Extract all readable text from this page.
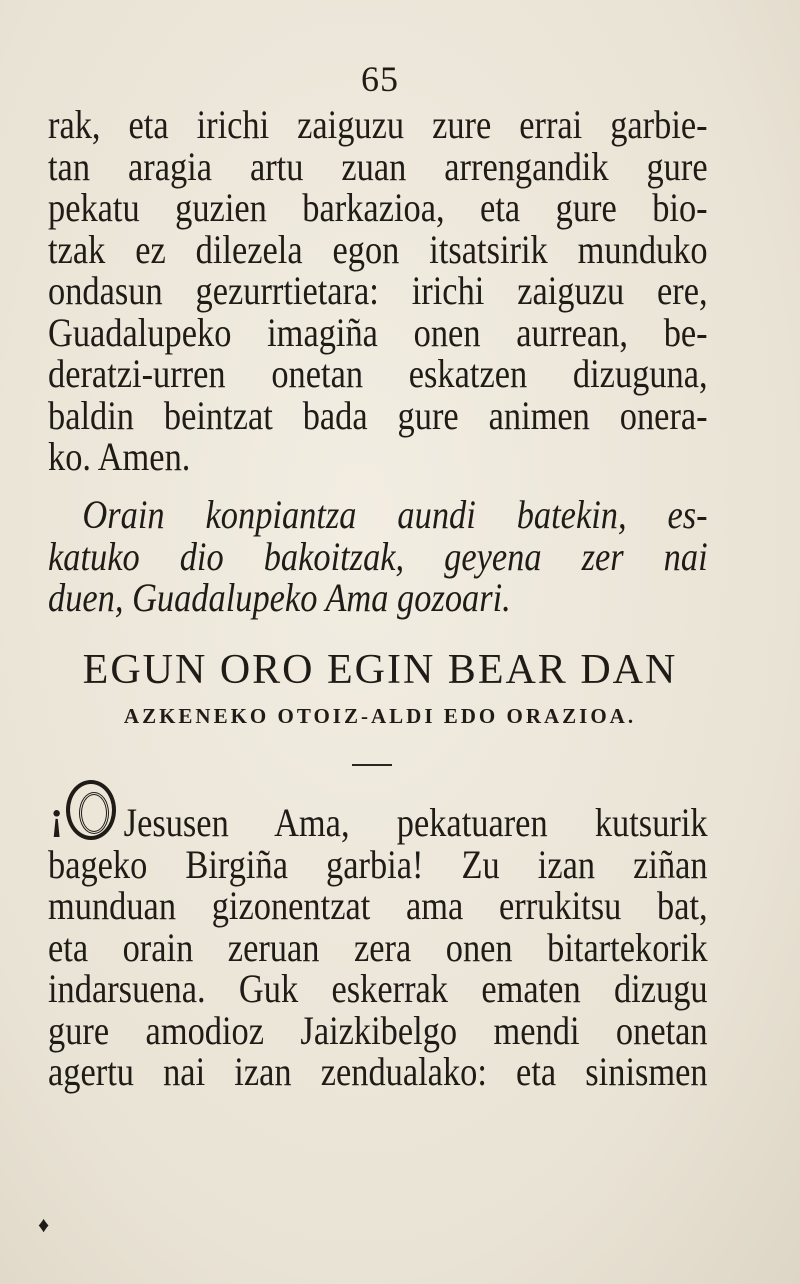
65
rak, eta irichi zaiguzu zure errai garbie-
tan aragia artu zuan arrengandik gure
pekatu guzien barkazioa, eta gure bio-
tzak ez dilezela egon itsatsirik munduko
ondasun gezurrtietara: irichi zaiguzu ere,
Guadalupeko imagiña onen aurrean, be-
deratzi-urren onetan eskatzen dizuguna,
baldin beintzat bada gure animen onera-
ko. Amen.
Orain konpiantza aundi batekin, es-
katuko dio bakoitzak, geyena zer nai
duen, Guadalupeko Ama gozoari.
EGUN ORO EGIN BEAR DAN
AZKENEKO OTOIZ-ALDI EDO ORAZIOA.
¡	Jesusen Ama, pekatuaren kutsurik
bageko Birgiña garbia! Zu izan ziñan
munduan gizonentzat ama errukitsu bat,
eta orain zeruan zera onen bitartekorik
indarsuena. Guk eskerrak ematen dizugu
gure amodioz Jaizkibelgo mendi onetan
agertu nai izan zendualako: eta sinismen
♦
